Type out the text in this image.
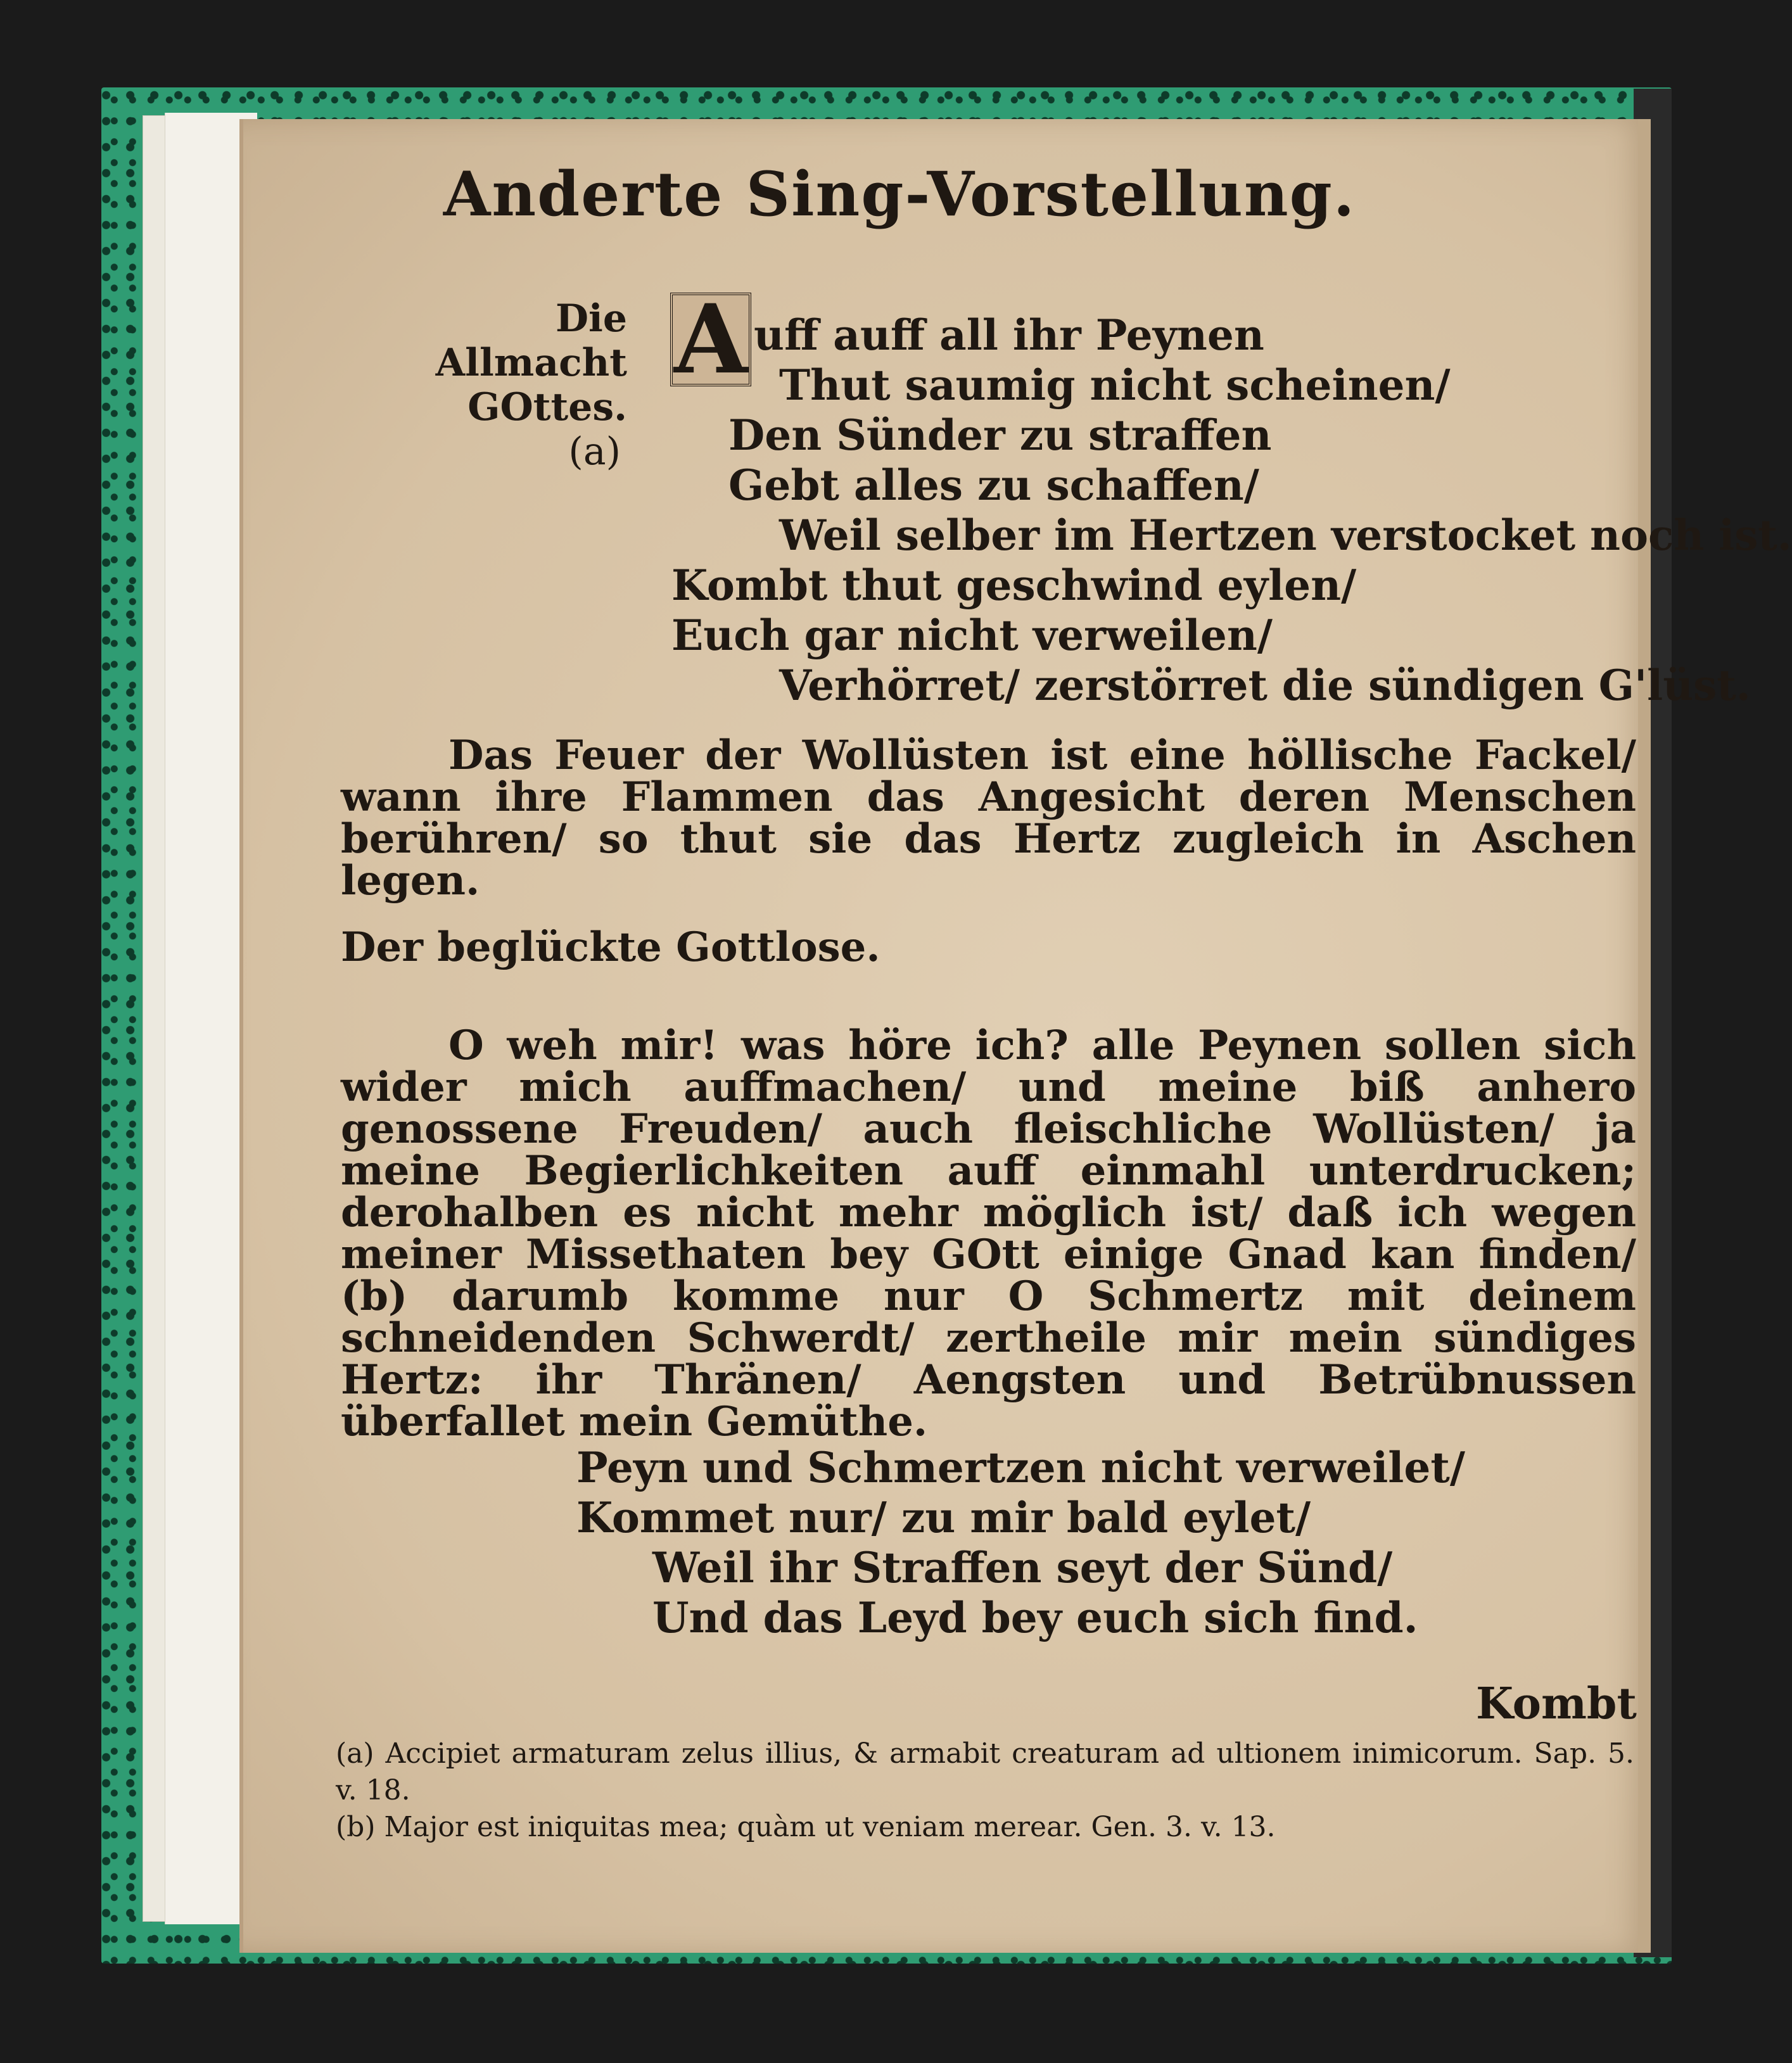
Anderte Sing-Vorstellung.
Die Allmacht
GOttes.
(a)
A uff auff all ihr Peynen
Thut saumig nicht scheinen/
Den Sünder zu straffen
Gebt alles zu schaffen/
Weil selber im Hertzen verstocket noch ist.
Kombt thut geschwind eylen/
Euch gar nicht verweilen/
Verhörret/ zerstörret die sündigen G'lüst.
Das Feuer der Wollüsten ist eine höllische Fackel/ wann ihre Flammen das Angesicht deren Menschen berühren/ so thut sie das Hertz zugleich in Aschen legen.
Der beglückte Gottlose.
O weh mir! was höre ich? alle Peynen sollen sich wider mich auffmachen/ und meine biß anhero genossene Freuden/ auch fleischliche Wollüsten/ ja meine Begierlichkeiten auff einmahl unterdrucken; derohalben es nicht mehr möglich ist/ daß ich wegen meiner Missethaten bey GOtt einige Gnad kan finden/ (b) darumb komme nur O Schmertz mit deinem schneidenden Schwerdt/ zertheile mir mein sündiges Hertz: ihr Thränen/ Aengsten und Betrübnussen überfallet mein Gemüthe.
Peyn und Schmertzen nicht verweilet/
Kommet nur/ zu mir bald eylet/
Weil ihr Straffen seyt der Sünd/
Und das Leyd bey euch sich find.
Kombt
(a) Accipiet armaturam zelus illius, & armabit creaturam ad ultionem inimicorum. Sap. 5. v. 18.
(b) Major est iniquitas mea; quàm ut veniam merear. Gen. 3. v. 13.
